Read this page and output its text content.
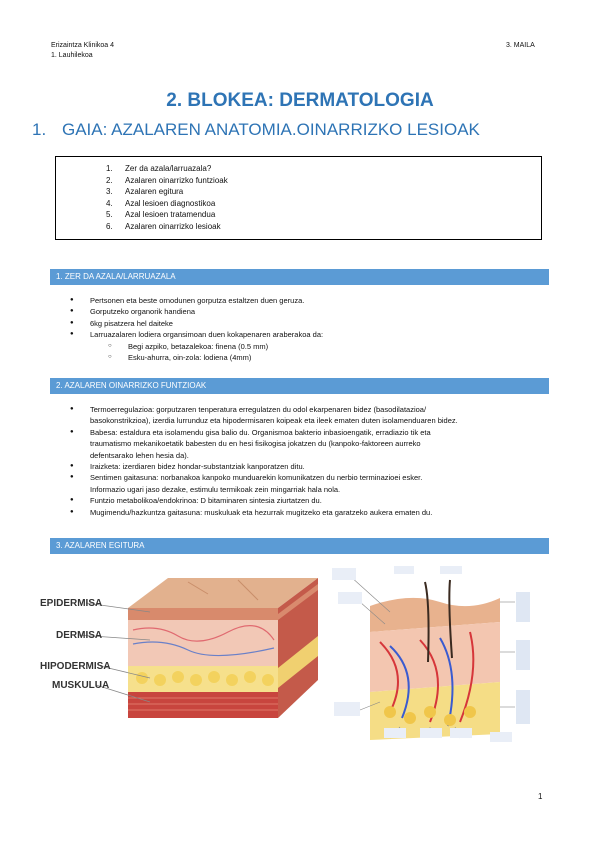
Erizaintza Klinikoa 4
1. Lauhilekoa
3. MAILA
2. BLOKEA: DERMATOLOGIA
1. GAIA: AZALAREN ANATOMIA.OINARRIZKO LESIOAK
1. Zer da azala/larruazala?
2. Azalaren oinarrizko funtzioak
3. Azalaren egitura
4. Azal lesioen diagnostikoa
5. Azal lesioen tratamendua
6. Azalaren oinarrizko lesioak
1. ZER DA AZALA/LARRUAZALA
● Pertsonen eta beste ornodunen gorputza estaltzen duen geruza.
● Gorputzeko organorik handiena
● 6kg pisatzera hel daiteke
● Larruazalaren lodiera organsimoan duen kokapenaren araberakoa da:
○ Begi azpiko, betazalekoa: finena (0.5 mm)
○ Esku-ahurra, oin-zola: lodiena (4mm)
2. AZALAREN OINARRIZKO FUNTZIOAK
● Termoerregulazioa: gorputzaren tenperatura erregulatzen du odol ekarpenaren bidez (basodilatazioa/
basokonstrikzioa), izerdia lurrunduz eta hipodermisaren koipeak eta ileek ematen duten isolamenduaren bidez.
● Babesa: estaldura eta isolamendu gisa balio du. Organismoa bakterio inbasioengatik, erradiazio tik eta
traumatismo mekanikoetatik babesten du en hesi fisikogisa jokatzen du (kanpoko-faktoreen aurreko
defentsarako lehen hesia da).
● Iraizketa: izerdiaren bidez hondar-substantziak kanporatzen ditu.
● Sentimen gaitasuna: norbanakoa kanpoko munduarekin komunikatzen du nerbio terminazioei esker.
Informazio ugari jaso dezake, estimulu termikoak zein mingarriak hala nola.
● Funtzio metabolikoa/endokrinoa: D bitaminaren sintesia ziurtatzen du.
● Mugimendu/hazkuntza gaitasuna: muskuluak eta hezurrak mugitzeko eta garatzeko aukera ematen du.
3. AZALAREN EGITURA
EPIDERMISA
DERMISA
HIPODERMISA
MUSKULUA
1
